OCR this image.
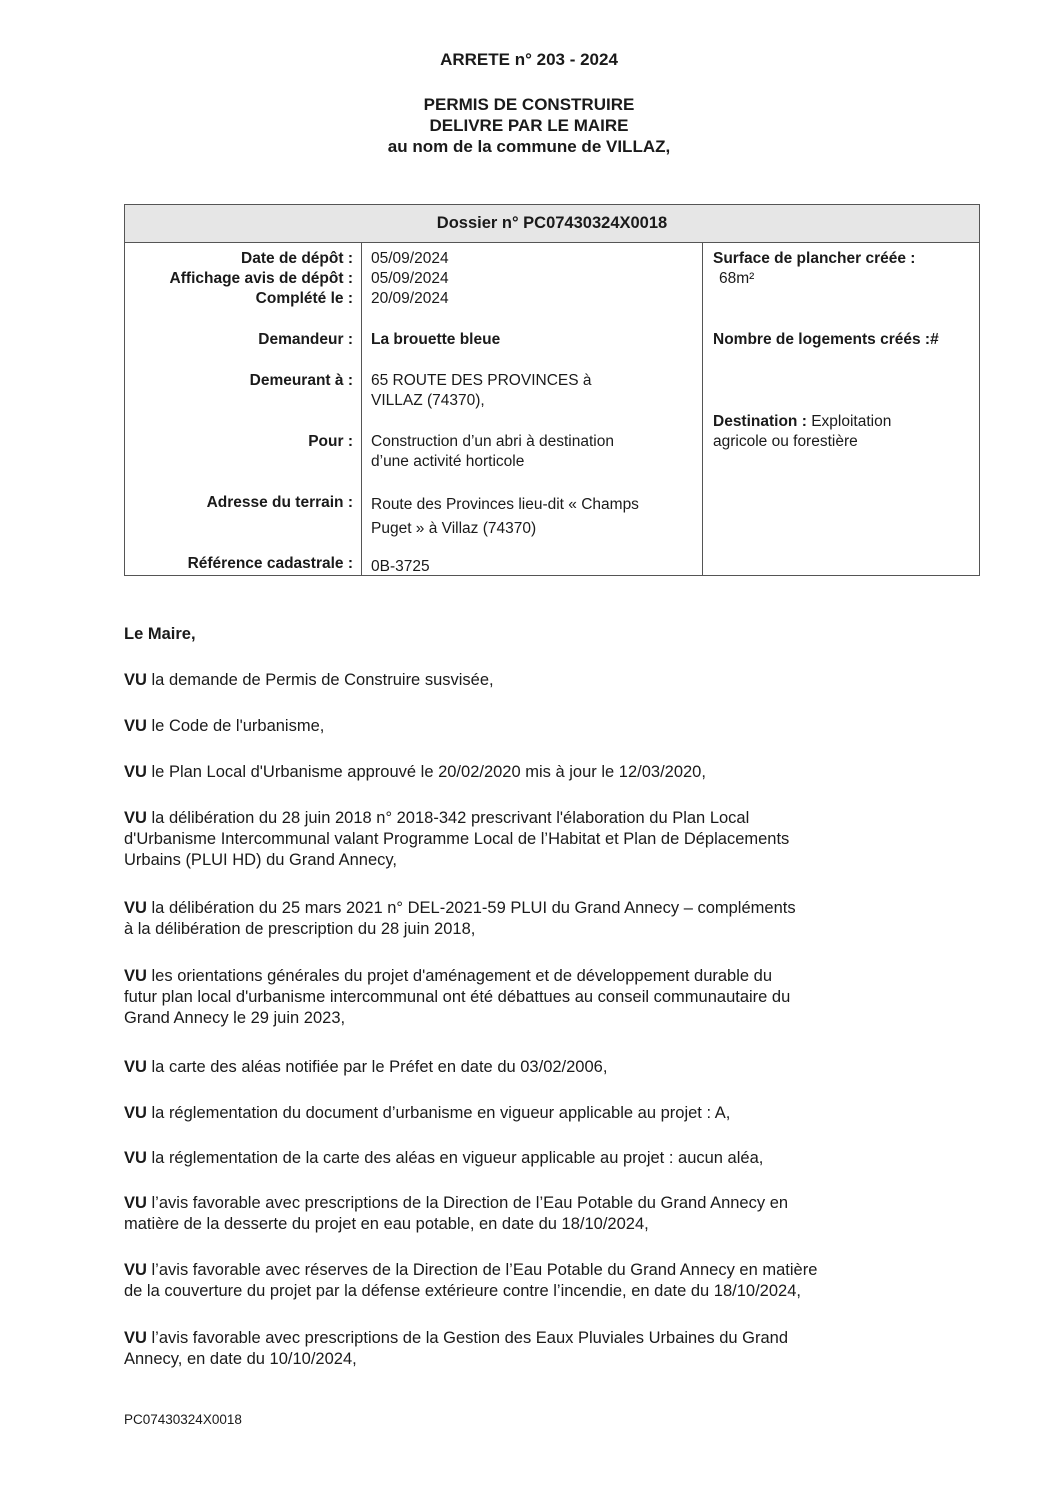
ARRETE n° 203 - 2024
PERMIS DE CONSTRUIRE
DELIVRE PAR LE MAIRE
au nom de la commune de VILLAZ,
Dossier n° PC07430324X0018
Date de dépôt :
Affichage avis de dépôt :
Complété le :
05/09/2024
05/09/2024
20/09/2024
Demandeur : La brouette bleue
Demeurant à : 65 ROUTE DES PROVINCES à
VILLAZ (74370),
Pour : Construction d’un abri à destination
d’une activité horticole
Adresse du terrain : Route des Provinces lieu-dit « Champs
Puget » à Villaz (74370)
Référence cadastrale : 0B-3725
Surface de plancher créée :
68m²
Nombre de logements créés :#
Destination : Exploitation
agricole ou forestière
Le Maire,
VU la demande de Permis de Construire susvisée,
VU le Code de l'urbanisme,
VU le Plan Local d'Urbanisme approuvé le 20/02/2020 mis à jour le 12/03/2020,
VU la délibération du 28 juin 2018 n° 2018-342 prescrivant l'élaboration du Plan Local
d'Urbanisme Intercommunal valant Programme Local de l’Habitat et Plan de Déplacements
Urbains (PLUI HD) du Grand Annecy,
VU la délibération du 25 mars 2021 n° DEL-2021-59 PLUI du Grand Annecy – compléments
à la délibération de prescription du 28 juin 2018,
VU les orientations générales du projet d'aménagement et de développement durable du
futur plan local d'urbanisme intercommunal ont été débattues au conseil communautaire du
Grand Annecy le 29 juin 2023,
VU la carte des aléas notifiée par le Préfet en date du 03/02/2006,
VU la réglementation du document d’urbanisme en vigueur applicable au projet : A,
VU la réglementation de la carte des aléas en vigueur applicable au projet : aucun aléa,
VU l’avis favorable avec prescriptions de la Direction de l’Eau Potable du Grand Annecy en
matière de la desserte du projet en eau potable, en date du 18/10/2024,
VU l’avis favorable avec réserves de la Direction de l’Eau Potable du Grand Annecy en matière
de la couverture du projet par la défense extérieure contre l’incendie, en date du 18/10/2024,
VU l’avis favorable avec prescriptions de la Gestion des Eaux Pluviales Urbaines du Grand
Annecy, en date du 10/10/2024,
PC07430324X0018
